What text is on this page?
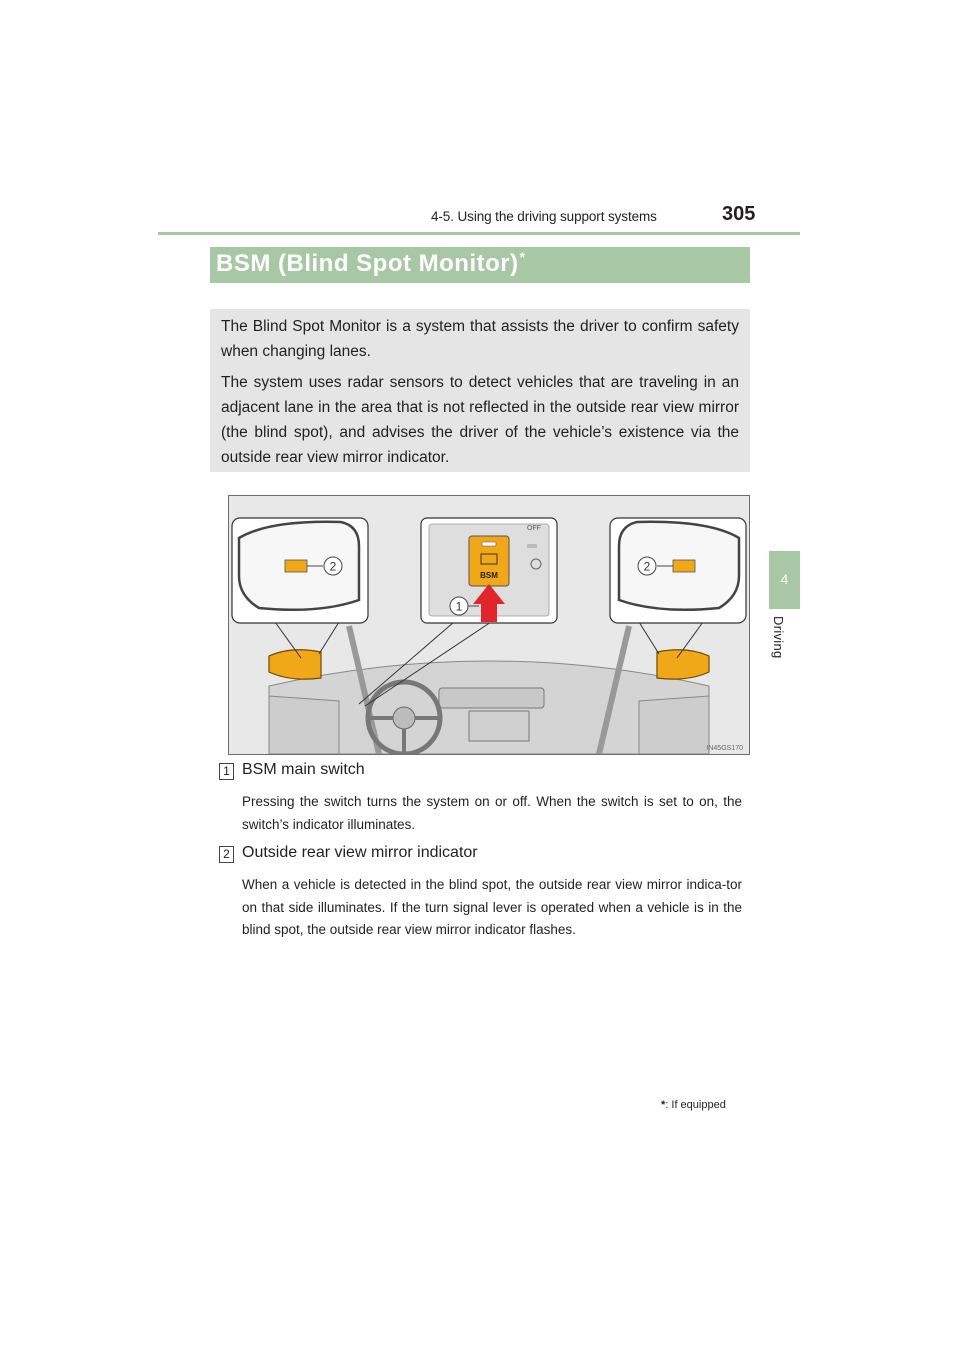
4-5. Using the driving support systems	305
4
Driving
BSM (Blind Spot Monitor)*

The Blind Spot Monitor is a system that assists the driver to confirm safety when changing lanes.

The system uses radar sensors to detect vehicles that are traveling in an adjacent lane in the area that is not reflected in the outside rear view mirror (the blind spot), and advises the driver of the vehicle’s existence via the outside rear view mirror indicator.

2	2
BSM
OFF
1
IN45GS170
1 BSM main switch
Pressing the switch turns the system on or off. When the switch is set to on, the switch’s indicator illuminates.
2 Outside rear view mirror indicator
When a vehicle is detected in the blind spot, the outside rear view mirror indica-tor on that side illuminates. If the turn signal lever is operated when a vehicle is in the blind spot, the outside rear view mirror indicator flashes.
*: If equipped
